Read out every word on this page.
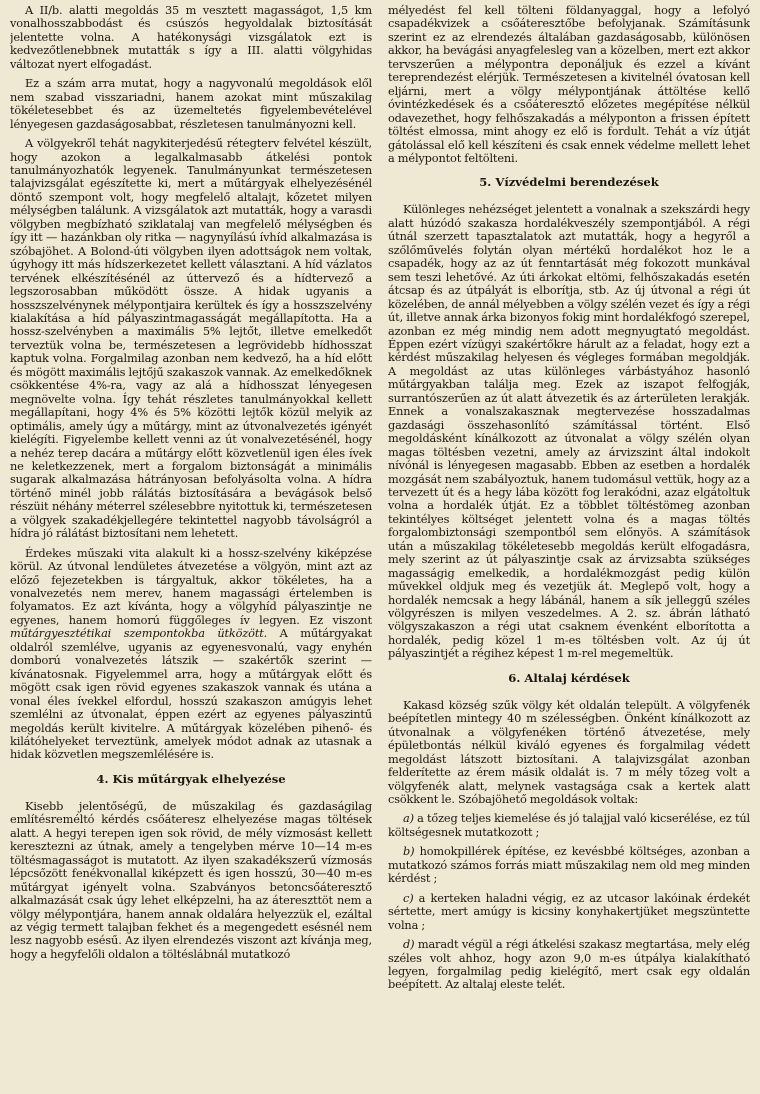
A II/b. alatti megoldás 35 m vesztett magasságot, 1,5 km vonalhosszabbodást és csúszós hegyoldalak biztosítását jelentette volna. A hatékonysági vizsgálatok ezt is kedvezőtlenebbnek mutatták s így a III. alatti völgyhidas változat nyert elfogadást.

Ez a szám arra mutat, hogy a nagyvonalú megoldások elől nem szabad visszariadni, hanem azokat mint műszakilag tökéletesebbet és az üzemeltetés figyelembevételével lényegesen gazdaságosabbat, részletesen tanulmányozni kell.

A völgyekről tehát nagykiterjedésű rétegterv felvétel készült, hogy azokon a legalkalmasabb átkelési pontok tanulmányozhatók legyenek. Tanulmányunkat természetesen talajvizsgálat egészítette ki, mert a műtárgyak elhelyezésénél döntő szempont volt, hogy megfelelő altalajt, kőzetet milyen mélységben találunk. A vizsgálatok azt mutatták, hogy a varasdi völgyben megbízható sziklatalaj van megfelelő mélységben és így itt — hazánkban oly ritka — nagynyílású ívhíd alkalmazása is szóbajöhet. A Bolond-úti völgyben ilyen adottságok nem voltak, úgyhogy itt más hídszerkezetet kellett választani. A híd vázlatos tervének elkészítésénél az úttervező és a hídtervező a legszorosabban működött össze. A hidak ugyanis a hosszszelvénynek mélypontjaira kerültek és így a hosszszelvény kialakítása a híd pályaszintmagasságát megállapította. Ha a hossz-szelvényben a maximális 5% lejtőt, illetve emelkedőt terveztük volna be, természetesen a legrövidebb hídhosszat kaptuk volna. Forgalmilag azonban nem kedvező, ha a híd előtt és mögött maximális lejtőjű szakaszok vannak. Az emelkedőknek csökkentése 4%-ra, vagy az alá a hídhosszat lényegesen megnövelte volna. Így tehát részletes tanulmányokkal kellett megállapítani, hogy 4% és 5% közötti lejtők közül melyik az optimális, amely úgy a műtárgy, mint az útvonalvezetés igényét kielégíti. Figyelembe kellett venni az út vonalvezetésénél, hogy a nehéz terep dacára a műtárgy előtt közvetlenül igen éles ívek ne keletkezzenek, mert a forgalom biztonságát a minimális sugarak alkalmazása hátrányosan befolyásolta volna. A hídra történő minél jobb rálátás biztosítására a bevágások belső részüit néhány méterrel szélesebbre nyitottuk ki, természetesen a völgyek szakadékjellegére tekintettel nagyobb távolságról a hídra jó rálátást biztosítani nem lehetett.

Érdekes műszaki vita alakult ki a hossz-szelvény kiképzése körül. Az útvonal lendületes átvezetése a völgyön, mint azt az előző fejezetekben is tárgyaltuk, akkor tökéletes, ha a vonalvezetés nem merev, hanem magassági értelemben is folyamatos. Ez azt kívánta, hogy a völgyhíd pályaszintje ne egyenes, hanem homorú függőleges ív legyen. Ez viszont műtárgyesztétikai szempontokba ütközött. A műtárgyakat oldalról szemlélve, ugyanis az egyenesvonalú, vagy enyhén domború vonalvezetés látszik — szakértők szerint — kívánatosnak. Figyelemmel arra, hogy a műtárgyak előtt és mögött csak igen rövid egyenes szakaszok vannak és utána a vonal éles ívekkel elfordul, hosszú szakaszon amúgyis lehet szemlélni az útvonalat, éppen ezért az egyenes pályaszintű megoldás került kivitelre. A műtárgyak közelében pihenő- és kilátóhelyeket terveztünk, amelyek módot adnak az utasnak a hidak közvetlen megszemlélésére is.

4. Kis műtárgyak elhelyezése

Kisebb jelentőségű, de műszakilag és gazdaságilag említésreméltó kérdés csőáteresz elhelyezése magas töltések alatt. A hegyi terepen igen sok rövid, de mély vízmosást kellett keresztezni az útnak, amely a tengelyben mérve 10—14 m-es töltésmagasságot is mutatott. Az ilyen szakadékszerű vízmosás lépcsőzött fenékvonallal kiképzett és igen hosszú, 30—40 m-es műtárgyat igényelt volna. Szabványos betoncsőáteresztő alkalmazását csak úgy lehet elképzelni, ha az átereszttöt nem a völgy mélypontjára, hanem annak oldalára helyezzük el, ezáltal az végig termett talajban fekhet és a megengedett esésnél nem lesz nagyobb esésű. Az ilyen elrendezés viszont azt kívánja meg, hogy a hegyfelőli oldalon a töltéslábnál mutatkozó

mélyedést fel kell tölteni földanyaggal, hogy a lefolyó csapadékvizek a csőáteresztőbe befolyjanak. Számításunk szerint ez az elrendezés általában gazdaságosabb, különösen akkor, ha bevágási anyagfelesleg van a közelben, mert ezt akkor tervszerűen a mélypontra deponáljuk és ezzel a kívánt tereprendezést elérjük. Természetesen a kivitelnél óvatosan kell eljárni, mert a völgy mélypontjának áttöltése kellő óvintézkedések és a csőáteresztő előzetes megépítése nélkül odavezethet, hogy felhőszakadás a mélyponton a frissen épített töltést elmossa, mint ahogy ez elő is fordult. Tehát a víz útját gátolással elő kell készíteni és csak ennek védelme mellett lehet a mélypontot feltölteni.

5. Vízvédelmi berendezések

Különleges nehézséget jelentett a vonalnak a szekszárdi hegy alatt húzódó szakasza hordalékveszély szempontjából. A régi útnál szerzett tapasztalatok azt mutatták, hogy a hegyről a szőlőművelés folytán olyan mértékű hordalékot hoz le a csapadék, hogy az az út fenntartását még fokozott munkával sem teszi lehetővé. Az úti árkokat eltömi, felhőszakadás esetén átcsap és az útpályát is elborítja, stb. Az új útvonal a régi út közelében, de annál mélyebben a völgy szélén vezet és így a régi út, illetve annak árka bizonyos fokig mint hordalékfogó szerepel, azonban ez még mindig nem adott megnyugtató megoldást. Éppen ezért vízügyi szakértőkre hárult az a feladat, hogy ezt a kérdést műszakilag helyesen és végleges formában megoldják. A megoldást az utas különleges várbástyához hasonló műtárgyakban találja meg. Ezek az iszapot felfogják, surrantószerűen az út alatt átvezetik és az árterületen lerakják. Ennek a vonalszakasznak megtervezése hosszadalmas gazdasági összehasonlító számítással történt. Első megoldásként kínálkozott az útvonalat a völgy szélén olyan magas töltésben vezetni, amely az árvizszint által indokolt nívónál is lényegesen magasabb. Ebben az esetben a hordalék mozgását nem szabályoztuk, hanem tudomásul vettük, hogy az a tervezett út és a hegy lába között fog lerakódni, azaz elgátoltuk volna a hordalék útját. Ez a többlet töltéstömeg azonban tekintélyes költséget jelentett volna és a magas töltés forgalombiztonsági szempontból sem előnyös. A számítások után a műszakilag tökéletesebb megoldás került elfogadásra, mely szerint az út pályaszintje csak az árvizsabta szükséges magasságig emelkedik, a hordalékmozgást pedig külön művekkel oldjuk meg és vezetjük át. Meglepő volt, hogy a hordalék nemcsak a hegy lábánál, hanem a sík jelleggű széles völgyrészen is milyen veszedelmes. A 2. sz. ábrán látható völgyszakaszon a régi utat csaknem évenként elborította a hordalék, pedig közel 1 m-es töltésben volt. Az új út pályaszintjét a régihez képest 1 m-rel megemeltük.

6. Altalaj kérdések

Kakasd község szűk völgy két oldalán települt. A völgyfenék beépítetlen mintegy 40 m szélességben. Önként kínálkozott az útvonalnak a völgyfenéken történő átvezetése, mely épületbontás nélkül kiváló egyenes és forgalmilag védett megoldást látszott biztosítani. A talajvizsgálat azonban felderítette az érem másik oldalát is. 7 m mély tőzeg volt a völgyfenék alatt, melynek vastagsága csak a kertek alatt csökkent le. Szóbajöhető megoldások voltak:

a) a tőzeg teljes kiemelése és jó talajjal való kicserélése, ez túl költségesnek mutatkozott ;

b) homokpillérek építése, ez kevésbbé költséges, azonban a mutatkozó számos forrás miatt műszakilag nem old meg minden kérdést ;

c) a kerteken haladni végig, ez az utcasor lakóinak érdekét sértette, mert amúgy is kicsiny konyhakertjüket megszüntette volna ;

d) maradt végül a régi átkelési szakasz megtartása, mely elég széles volt ahhoz, hogy azon 9,0 m-es útpálya kialakítható legyen, forgalmilag pedig kielégítő, mert csak egy oldalán beépített. Az altalaj eleste telét.
